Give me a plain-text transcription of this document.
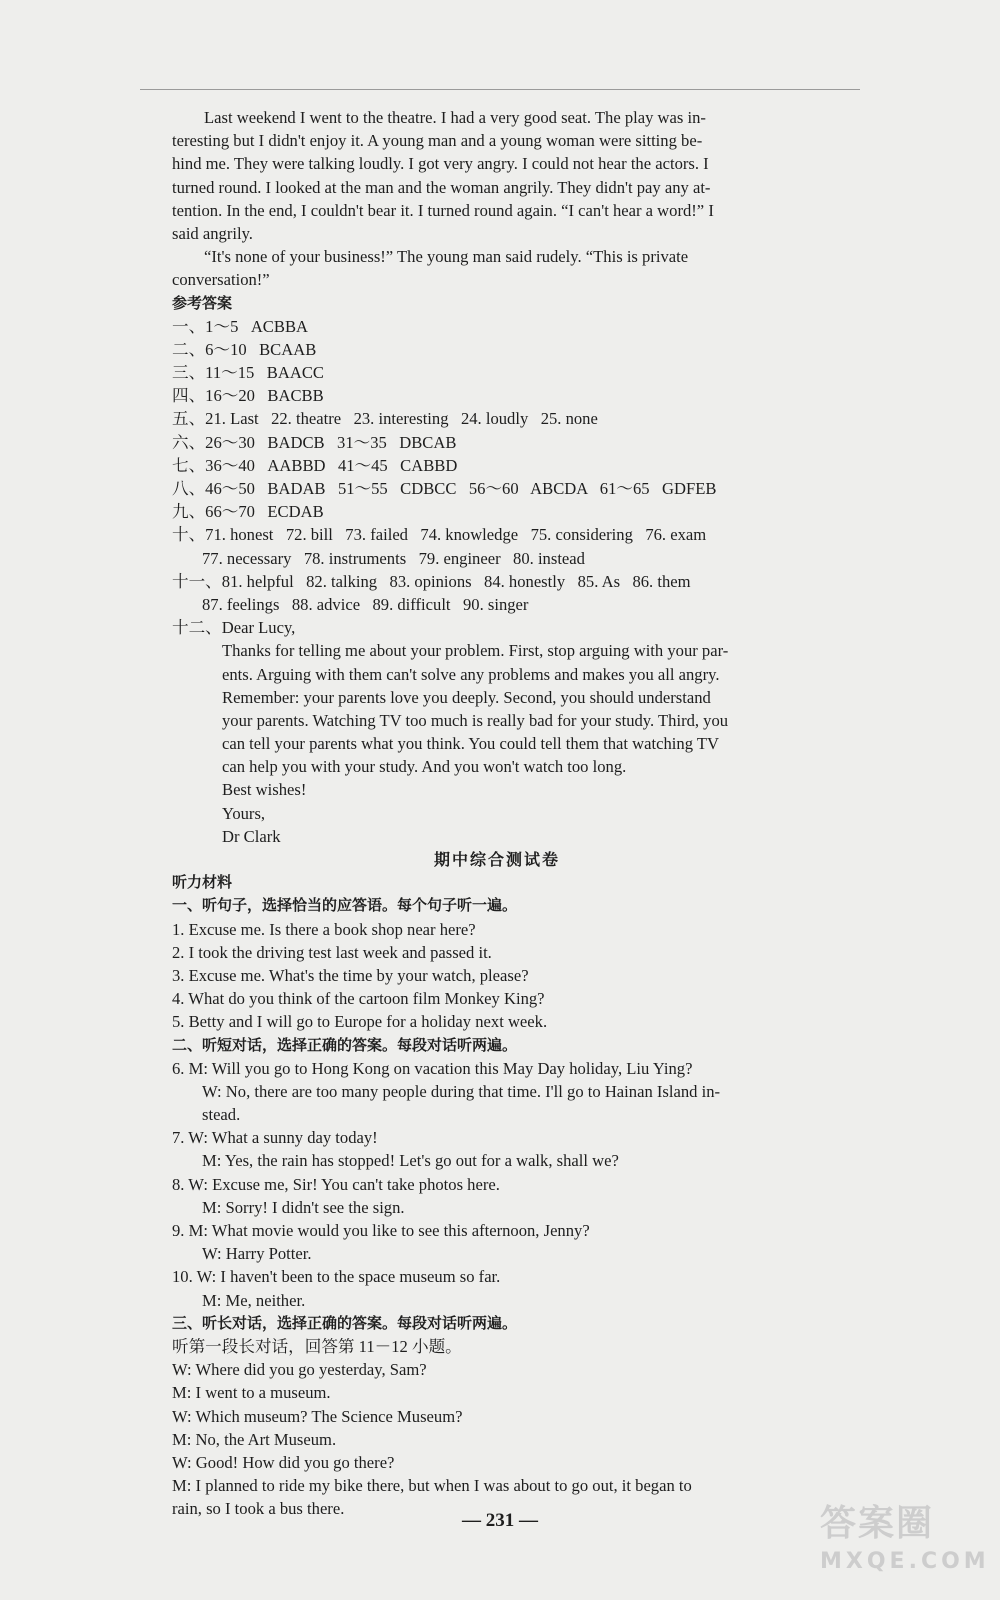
Last weekend I went to the theatre. I had a very good seat. The play was in-
teresting but I didn't enjoy it. A young man and a young woman were sitting be-
hind me. They were talking loudly. I got very angry. I could not hear the actors. I
turned round. I looked at the man and the woman angrily. They didn't pay any at-
tention. In the end, I couldn't bear it. I turned round again. “I can't hear a word!” I
said angrily.
“It's none of your business!” The young man said rudely. “This is private
conversation!”
参考答案
一、1～5   ACBBA
二、6～10   BCAAB
三、11～15   BAACC
四、16～20   BACBB
五、21. Last   22. theatre   23. interesting   24. loudly   25. none
六、26～30   BADCB   31～35   DBCAB
七、36～40   AABBD   41～45   CABBD
八、46～50   BADAB   51～55   CDBCC   56～60   ABCDA   61～65   GDFEB
九、66～70   ECDAB
十、71. honest   72. bill   73. failed   74. knowledge   75. considering   76. exam
77. necessary   78. instruments   79. engineer   80. instead
十一、81. helpful   82. talking   83. opinions   84. honestly   85. As   86. them
87. feelings   88. advice   89. difficult   90. singer
十二、Dear Lucy,
Thanks for telling me about your problem. First, stop arguing with your par-
ents. Arguing with them can't solve any problems and makes you all angry.
Remember: your parents love you deeply. Second, you should understand
your parents. Watching TV too much is really bad for your study. Third, you
can tell your parents what you think. You could tell them that watching TV
can help you with your study. And you won't watch too long.
Best wishes!
Yours,
Dr Clark
期中综合测试卷
听力材料
一、听句子，选择恰当的应答语。每个句子听一遍。
1. Excuse me. Is there a book shop near here?
2. I took the driving test last week and passed it.
3. Excuse me. What's the time by your watch, please?
4. What do you think of the cartoon film Monkey King?
5. Betty and I will go to Europe for a holiday next week.
二、听短对话，选择正确的答案。每段对话听两遍。
6. M: Will you go to Hong Kong on vacation this May Day holiday, Liu Ying?
W: No, there are too many people during that time. I'll go to Hainan Island in-
stead.
7. W: What a sunny day today!
M: Yes, the rain has stopped! Let's go out for a walk, shall we?
8. W: Excuse me, Sir! You can't take photos here.
M: Sorry! I didn't see the sign.
9. M: What movie would you like to see this afternoon, Jenny?
W: Harry Potter.
10. W: I haven't been to the space museum so far.
M: Me, neither.
三、听长对话，选择正确的答案。每段对话听两遍。
听第一段长对话，回答第 11－12 小题。
W: Where did you go yesterday, Sam?
M: I went to a museum.
W: Which museum? The Science Museum?
M: No, the Art Museum.
W: Good! How did you go there?
M: I planned to ride my bike there, but when I was about to go out, it began to
rain, so I took a bus there.
— 231 —	答案圈
MXQE.COM
